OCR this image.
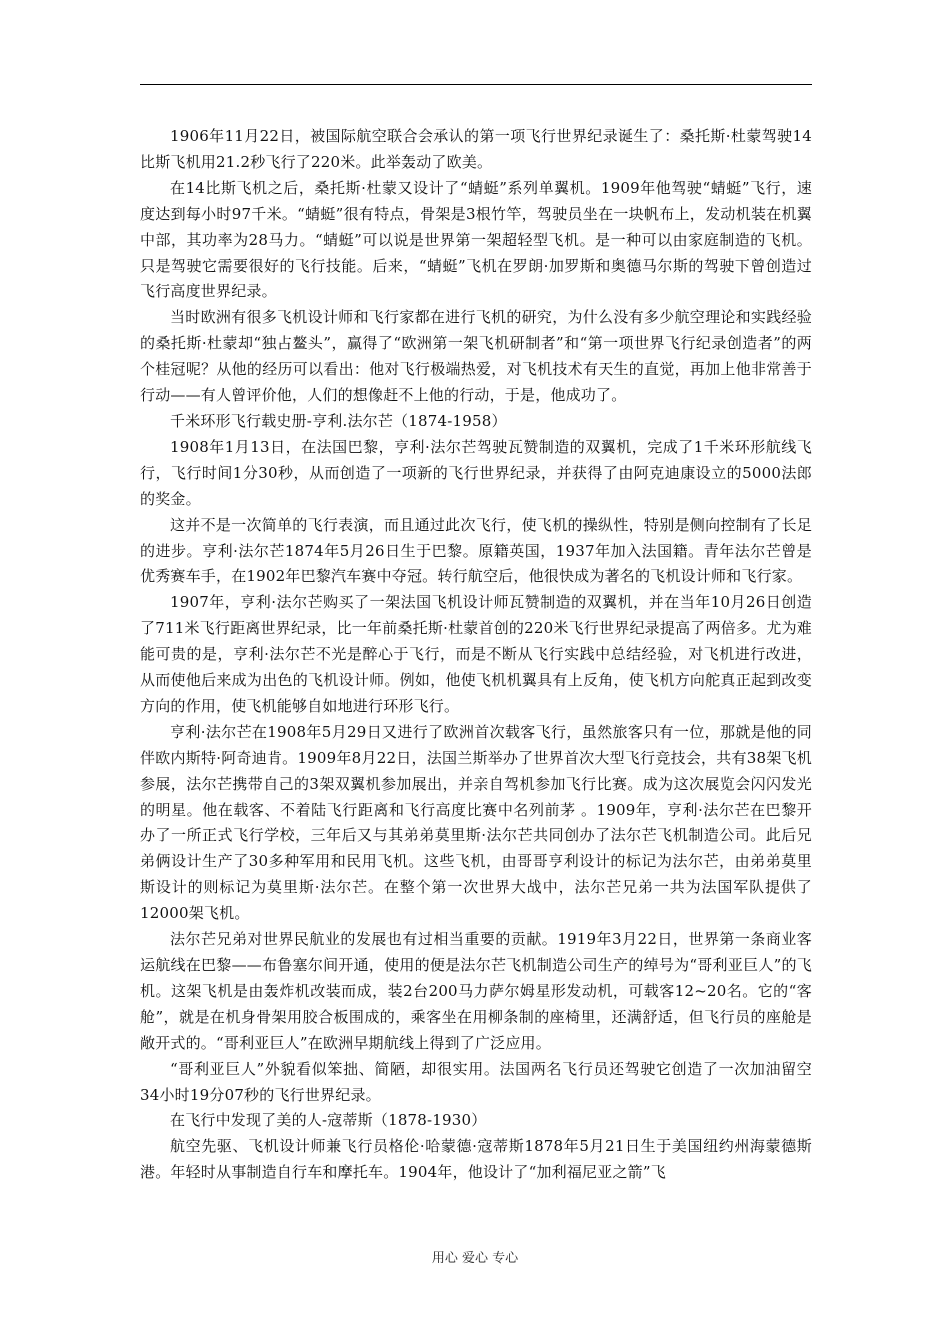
1906年11月22日，被国际航空联合会承认的第一项飞行世界纪录诞生了：桑托斯·杜蒙驾驶14比斯飞机用21.2秒飞行了220米。此举轰动了欧美。

在14比斯飞机之后，桑托斯·杜蒙又设计了“蜻蜓”系列单翼机。1909年他驾驶“蜻蜓”飞行，速度达到每小时97千米。“蜻蜓”很有特点，骨架是3根竹竿，驾驶员坐在一块帆布上，发动机装在机翼中部，其功率为28马力。“蜻蜓”可以说是世界第一架超轻型飞机。是一种可以由家庭制造的飞机。只是驾驶它需要很好的飞行技能。后来，“蜻蜓”飞机在罗朗·加罗斯和奥德马尔斯的驾驶下曾创造过飞行高度世界纪录。

当时欧洲有很多飞机设计师和飞行家都在进行飞机的研究，为什么没有多少航空理论和实践经验的桑托斯·杜蒙却“独占鳌头”，赢得了“欧洲第一架飞机研制者”和“第一项世界飞行纪录创造者”的两个桂冠呢？从他的经历可以看出：他对飞行极端热爱，对飞机技术有天生的直觉，再加上他非常善于行动——有人曾评价他，人们的想像赶不上他的行动，于是，他成功了。

千米环形飞行载史册-亨利.法尔芒（1874-1958）

1908年1月13日，在法国巴黎，亨利·法尔芒驾驶瓦赞制造的双翼机，完成了1千米环形航线飞行，飞行时间1分30秒，从而创造了一项新的飞行世界纪录，并获得了由阿克迪康设立的5000法郎的奖金。

这并不是一次简单的飞行表演，而且通过此次飞行，使飞机的操纵性，特别是侧向控制有了长足的进步。亨利·法尔芒1874年5月26日生于巴黎。原籍英国，1937年加入法国籍。青年法尔芒曾是优秀赛车手，在1902年巴黎汽车赛中夺冠。转行航空后，他很快成为著名的飞机设计师和飞行家。

1907年，亨利·法尔芒购买了一架法国飞机设计师瓦赞制造的双翼机，并在当年10月26日创造了711米飞行距离世界纪录，比一年前桑托斯·杜蒙首创的220米飞行世界纪录提高了两倍多。尤为难能可贵的是，亨利·法尔芒不光是醉心于飞行，而是不断从飞行实践中总结经验，对飞机进行改进，从而使他后来成为出色的飞机设计师。例如，他使飞机机翼具有上反角，使飞机方向舵真正起到改变方向的作用，使飞机能够自如地进行环形飞行。

亨利·法尔芒在1908年5月29日又进行了欧洲首次载客飞行，虽然旅客只有一位，那就是他的同伴欧内斯特·阿奇迪肯。1909年8月22日，法国兰斯举办了世界首次大型飞行竞技会，共有38架飞机参展，法尔芒携带自己的3架双翼机参加展出，并亲自驾机参加飞行比赛。成为这次展览会闪闪发光的明星。他在载客、不着陆飞行距离和飞行高度比赛中名列前茅 。1909年，亨利·法尔芒在巴黎开办了一所正式飞行学校，三年后又与其弟弟莫里斯·法尔芒共同创办了法尔芒飞机制造公司。此后兄弟俩设计生产了30多种军用和民用飞机。这些飞机，由哥哥亨利设计的标记为法尔芒，由弟弟莫里斯设计的则标记为莫里斯·法尔芒。在整个第一次世界大战中，法尔芒兄弟一共为法国军队提供了12000架飞机。

法尔芒兄弟对世界民航业的发展也有过相当重要的贡献。1919年3月22日，世界第一条商业客运航线在巴黎——布鲁塞尔间开通，使用的便是法尔芒飞机制造公司生产的绰号为“哥利亚巨人”的飞机。这架飞机是由轰炸机改装而成，装2台200马力萨尔姆星形发动机，可载客12~20名。它的“客舱”，就是在机身骨架用胶合板围成的，乘客坐在用柳条制的座椅里，还满舒适，但飞行员的座舱是敞开式的。“哥利亚巨人”在欧洲早期航线上得到了广泛应用。

“哥利亚巨人”外貌看似笨拙、简陋，却很实用。法国两名飞行员还驾驶它创造了一次加油留空34小时19分07秒的飞行世界纪录。

在飞行中发现了美的人-寇蒂斯（1878-1930）

航空先驱、飞机设计师兼飞行员格伦·哈蒙德·寇蒂斯1878年5月21日生于美国纽约州海蒙德斯港。年轻时从事制造自行车和摩托车。1904年，他设计了“加利福尼亚之箭”飞

用心 爱心 专心
